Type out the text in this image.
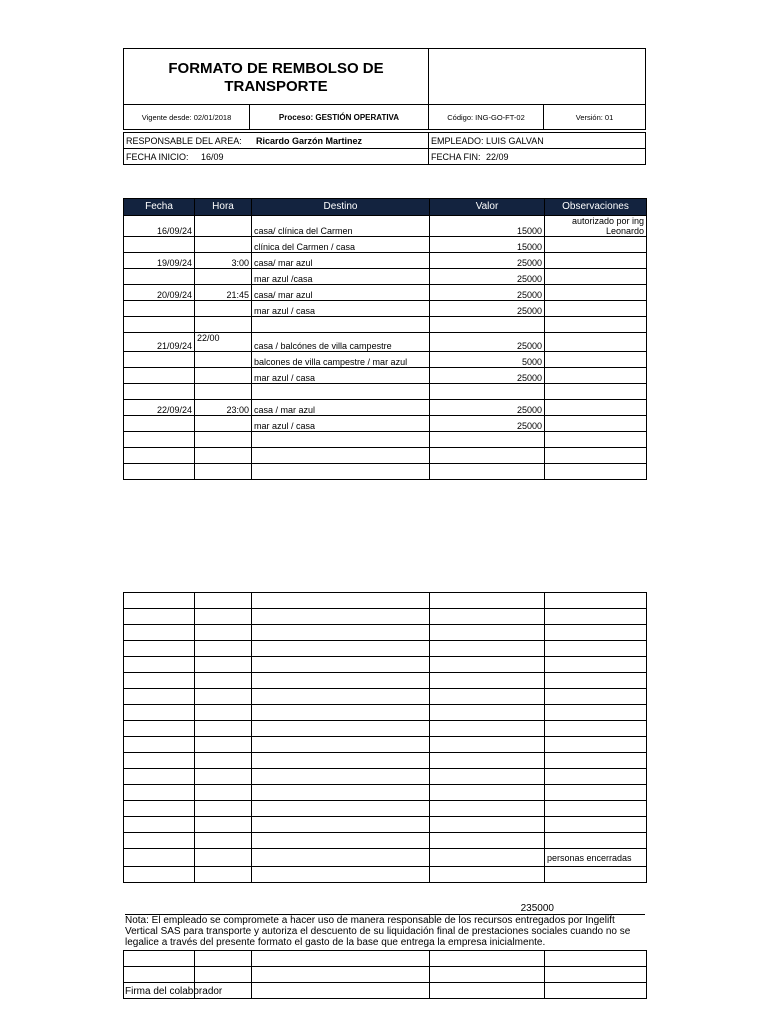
FORMATO DE REMBOLSO DE
TRANSPORTE
Vigente desde: 02/01/2018	Proceso: GESTIÓN OPERATIVA	Código: ING-GO-FT-02	Versión: 01
RESPONSABLE DEL AREA:	Ricardo Garzón Martinez	EMPLEADO: LUIS GALVAN
FECHA INICIO:	16/09	FECHA FIN: 22/09
Fecha	Hora	Destino	Valor	Observaciones
16/09/24		casa/ clínica del Carmen	15000	autorizado por ing Leonardo
		clínica del Carmen / casa	15000	
19/09/24	3:00	casa/ mar azul	25000	
		mar azul /casa	25000	
20/09/24	21:45	casa/ mar azul	25000	
		mar azul / casa	25000	

21/09/24	22/00	casa / balcónes de villa campestre	25000	
		balcones de villa campestre / mar azul	5000	
		mar azul / casa	25000	

22/09/24	23:00	casa / mar azul	25000	
		mar azul / casa	25000	

				personas encerradas

235000
Nota: El empleado se compromete a hacer uso de manera responsable de los recursos entregados por Ingelift Vertical SAS para transporte y autoriza el descuento de su liquidación final de prestaciones sociales cuando no se legalice a través del presente formato el gasto de la base que entrega la empresa inicialmente.

Firma del colaborador
